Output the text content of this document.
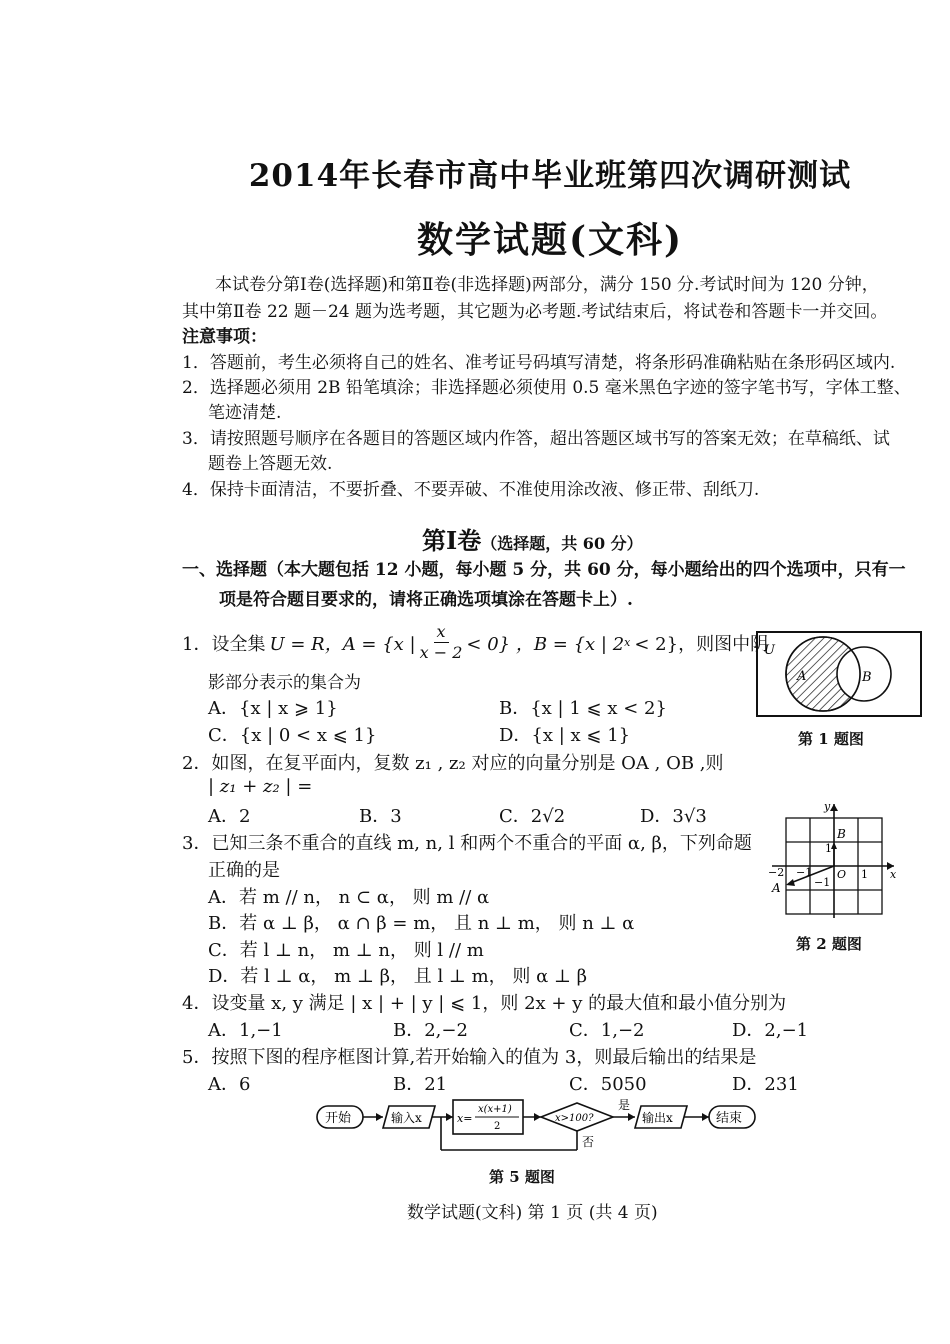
2014年长春市高中毕业班第四次调研测试
数学试题(文科)
本试卷分第Ⅰ卷(选择题)和第Ⅱ卷(非选择题)两部分，满分 150 分.考试时间为 120 分钟，
其中第Ⅱ卷 22 题－24 题为选考题，其它题为必考题.考试结束后，将试卷和答题卡一并交回。
注意事项：
1．答题前，考生必须将自己的姓名、准考证号码填写清楚，将条形码准确粘贴在条形码区域内.
2．选择题必须用 2B 铅笔填涂；非选择题必须使用 0.5 毫米黑色字迹的签字笔书写，字体工整、
笔迹清楚.
3．请按照题号顺序在各题目的答题区域内作答，超出答题区域书写的答案无效；在草稿纸、试
题卷上答题无效.
4．保持卡面清洁，不要折叠、不要弄破、不准使用涂改液、修正带、刮纸刀.
第Ⅰ卷（选择题，共 60 分）
一、选择题（本大题包括 12 小题，每小题 5 分，共 60 分，每小题给出的四个选项中，只有一
项是符合题目要求的，请将正确选项填涂在答题卡上）.
1．设全集 U = R，A = {x | $\frac{x}{x - 2} < 0$} ，B = {x | 2 x < 2}，则图中阴
影部分表示的集合为
A．{x | x ⩾ 1}	B．{x | 1 ⩽ x < 2}
C．{x | 0 < x ⩽ 1}	D．{x | x ⩽ 1}
U
A	B
第 1 题图
2．如图，在复平面内，复数 z₁ , z₂ 对应的向量分别是 OA , OB ,则
| z₁ + z₂ | =
A．2	B．3	C．2√2	D．3√3	y
x
B
1
O 1
−2 −1
−1
A
第 2 题图
3．已知三条不重合的直线 m, n, l 和两个不重合的平面 α, β，下列命题
正确的是
A．若 m // n， n ⊂ α， 则 m // α
B．若 α ⊥ β， α ∩ β = m， 且 n ⊥ m， 则 n ⊥ α
C．若 l ⊥ n， m ⊥ n， 则 l // m
D．若 l ⊥ α， m ⊥ β， 且 l ⊥ m， 则 α ⊥ β
4．设变量 x, y 满足 | x | + | y | ⩽ 1，则 2x + y 的最大值和最小值分别为
A．1,−1	B．2,−2	C．1,−2	D．2,−1
5．按照下图的程序框图计算,若开始输入的值为 3，则最后输出的结果是
A．6	B．21	C．5050	D．231
开始	输入x	x=
x(x+1)
2
x>100?
是
否
输出x	结束
第 5 题图
数学试题(文科) 第 1 页 (共 4 页)
